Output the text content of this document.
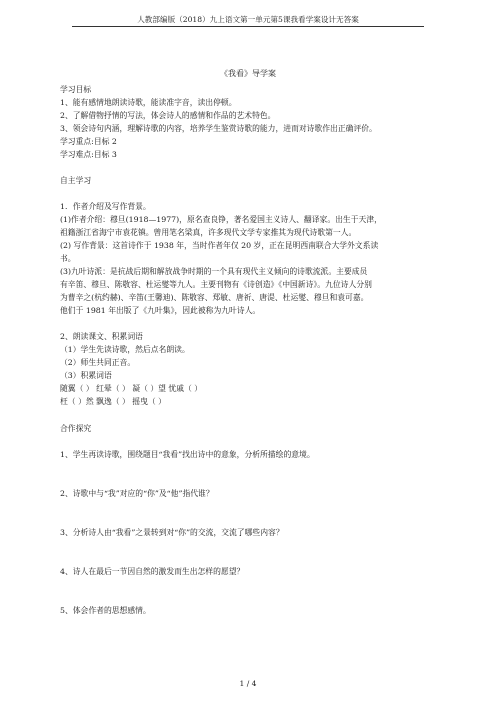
人教部编版（2018）九上语文第一单元第5课我看学案设计无答案
《我看》导学案
学习目标
1、能有感情地朗读诗歌，能读准字音，读出停顿。
2、了解借物抒情的写法，体会诗人的感情和作品的艺术特色。
3、领会诗句内涵，理解诗歌的内容，培养学生鉴赏诗歌的能力，进而对诗歌作出正确评价。
学习重点:目标 2
学习难点:目标 3
自主学习
1．作者介绍及写作背景。
(1)作者介绍：穆旦(1918—1977)，原名查良铮，著名爱国主义诗人、翻译家。出生于天津，
祖籍浙江省海宁市袁花镇。曾用笔名梁真，许多现代文学专家推其为现代诗歌第一人。
(2) 写作背景：这首诗作于 1938 年，当时作者年仅 20 岁，正在昆明西南联合大学外文系读
书。
(3)九叶诗派：是抗战后期和解放战争时期的一个具有现代主义倾向的诗歌流派。主要成员
有辛笛、穆旦、陈敬容、杜运燮等九人。主要刊物有《诗创造》《中国新诗》。九位诗人分别
为曹辛之(杭约赫)、辛笛(王馨迪)、陈敬容、郑敏、唐祈、唐湜、杜运燮、穆旦和袁可嘉。
他们于 1981 年出版了《九叶集》，因此被称为九叶诗人。
2、朗读课文、积累词语
（1）学生先读诗歌，然后点名朗读。
（2）师生共同正音。
（3）积累词语
随翼（ ） 红晕（ ） 凝（ ）望 忧戚（ ）
枉（ ）然 飘逸（ ） 摇曳（ ）
合作探究
1、学生再读诗歌，围绕题目“我看”找出诗中的意象，分析所描绘的意境。
2、诗歌中与“我”对应的“你”及“他”指代谁？
3、分析诗人由“我看”之景转到对“你”的交流，交流了哪些内容？
4、诗人在最后一节因自然的激发而生出怎样的愿望？
5、体会作者的思想感情。
1 / 4
